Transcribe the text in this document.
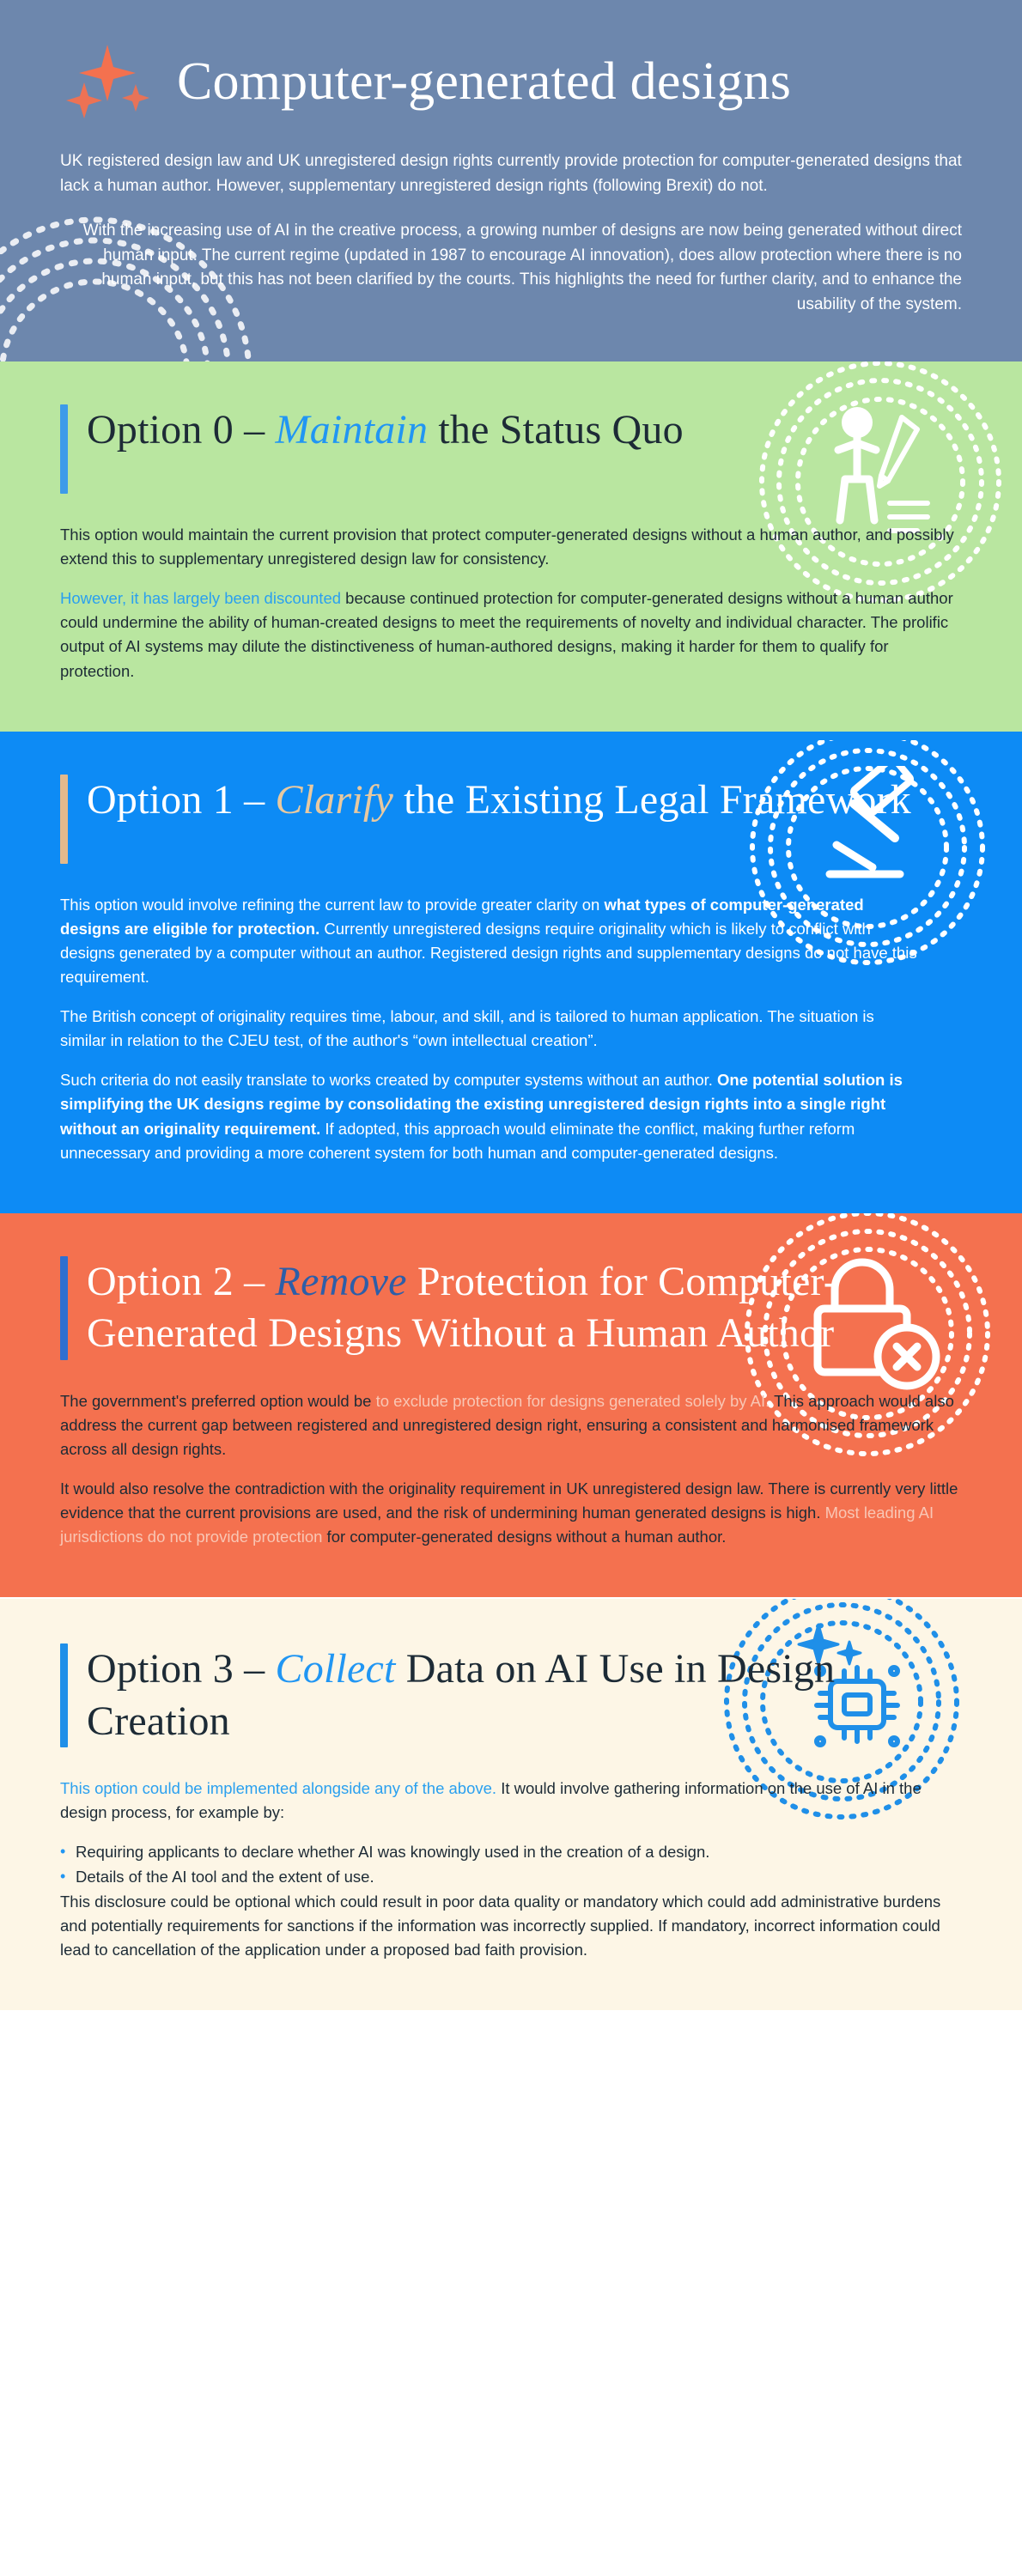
Computer-generated designs

UK registered design law and UK unregistered design rights currently provide protection for computer-generated designs that lack a human author. However, supplementary unregistered design rights (following Brexit) do not.

With the increasing use of AI in the creative process, a growing number of designs are now being generated without direct human input. The current regime (updated in 1987 to encourage AI innovation), does allow protection where there is no human input, but this has not been clarified by the courts. This highlights the need for further clarity, and to enhance the usability of the system.

Option 0 – Maintain the Status Quo

This option would maintain the current provision that protect computer-generated designs without a human author, and possibly extend this to supplementary unregistered design law for consistency.

However, it has largely been discounted because continued protection for computer-generated designs without a human author could undermine the ability of human-created designs to meet the requirements of novelty and individual character. The prolific output of AI systems may dilute the distinctiveness of human-authored designs, making it harder for them to qualify for protection.

Option 1 – Clarify the Existing Legal Framework

This option would involve refining the current law to provide greater clarity on what types of computer-generated designs are eligible for protection. Currently unregistered designs require originality which is likely to conflict with designs generated by a computer without an author. Registered design rights and supplementary designs do not have this requirement.

The British concept of originality requires time, labour, and skill, and is tailored to human application. The situation is similar in relation to the CJEU test, of the author's “own intellectual creation”.

Such criteria do not easily translate to works created by computer systems without an author. One potential solution is simplifying the UK designs regime by consolidating the existing unregistered design rights into a single right without an originality requirement. If adopted, this approach would eliminate the conflict, making further reform unnecessary and providing a more coherent system for both human and computer-generated designs.

Option 2 – Remove Protection for Computer-Generated Designs Without a Human Author

The government's preferred option would be to exclude protection for designs generated solely by AI. This approach would also address the current gap between registered and unregistered design right, ensuring a consistent and harmonised framework across all design rights.

It would also resolve the contradiction with the originality requirement in UK unregistered design law. There is currently very little evidence that the current provisions are used, and the risk of undermining human generated designs is high. Most leading AI jurisdictions do not provide protection for computer-generated designs without a human author.

Option 3 – Collect Data on AI Use in Design Creation

This option could be implemented alongside any of the above. It would involve gathering information on the use of AI in the design process, for example by:

• Requiring applicants to declare whether AI was knowingly used in the creation of a design.
• Details of the AI tool and the extent of use.

This disclosure could be optional which could result in poor data quality or mandatory which could add administrative burdens and potentially requirements for sanctions if the information was incorrectly supplied. If mandatory, incorrect information could lead to cancellation of the application under a proposed bad faith provision.
